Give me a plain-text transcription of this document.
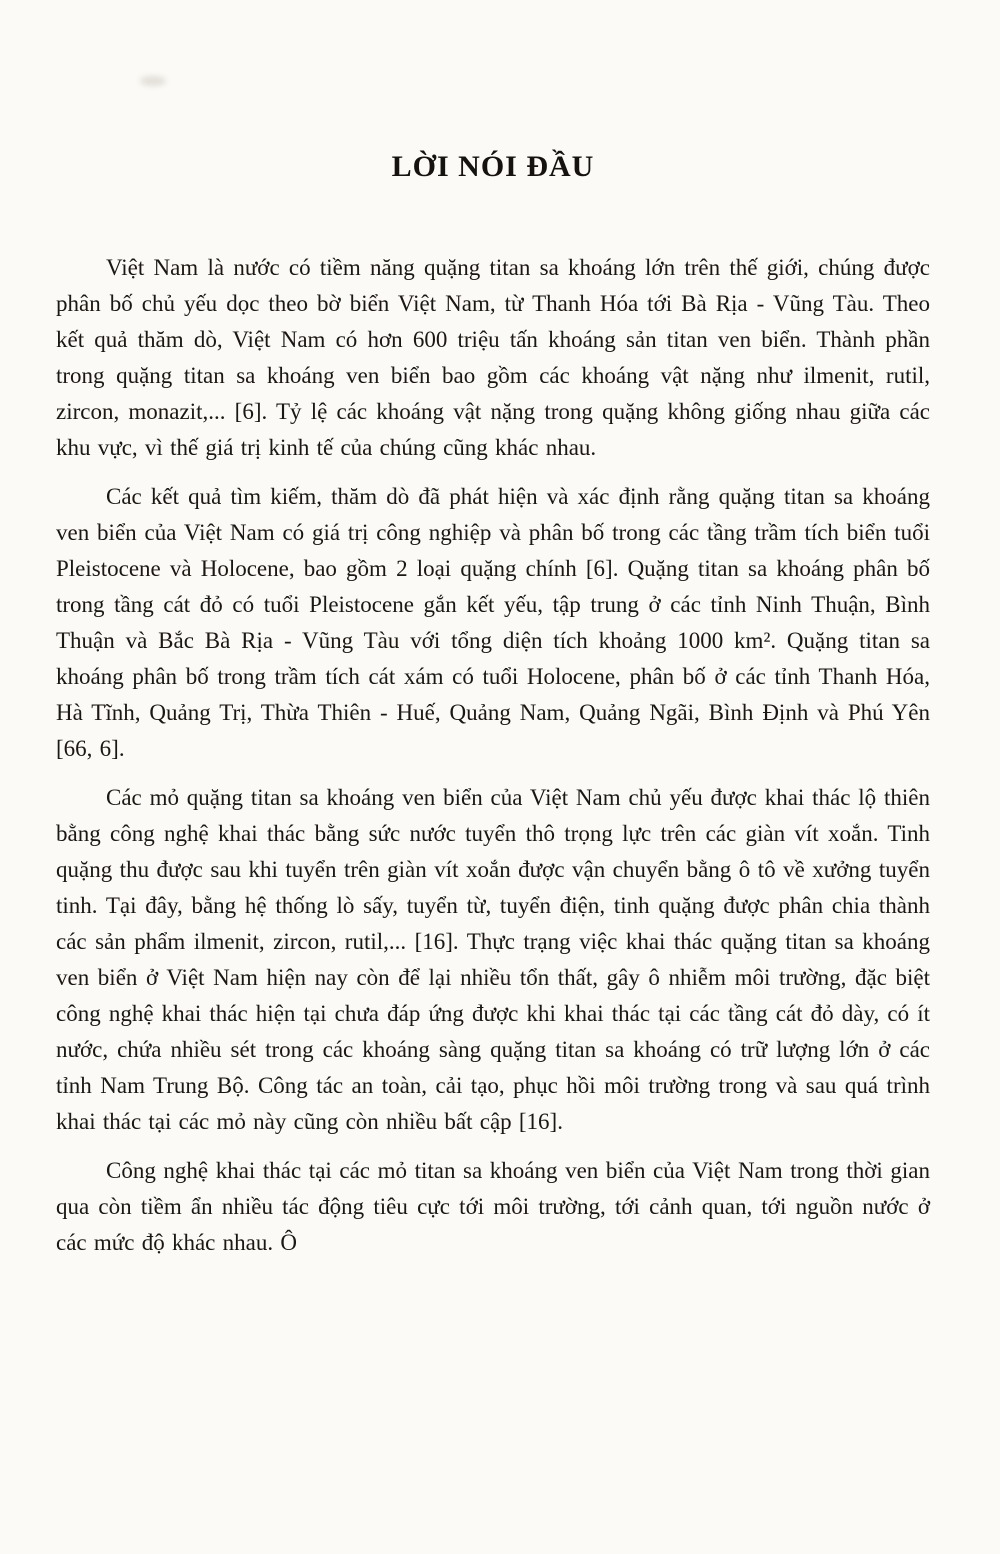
LỜI NÓI ĐẦU

Việt Nam là nước có tiềm năng quặng titan sa khoáng lớn trên thế giới, chúng được phân bố chủ yếu dọc theo bờ biển Việt Nam, từ Thanh Hóa tới Bà Rịa - Vũng Tàu. Theo kết quả thăm dò, Việt Nam có hơn 600 triệu tấn khoáng sản titan ven biển. Thành phần trong quặng titan sa khoáng ven biển bao gồm các khoáng vật nặng như ilmenit, rutil, zircon, monazit,... [6]. Tỷ lệ các khoáng vật nặng trong quặng không giống nhau giữa các khu vực, vì thế giá trị kinh tế của chúng cũng khác nhau.

Các kết quả tìm kiếm, thăm dò đã phát hiện và xác định rằng quặng titan sa khoáng ven biển của Việt Nam có giá trị công nghiệp và phân bố trong các tầng trầm tích biển tuổi Pleistocene và Holocene, bao gồm 2 loại quặng chính [6]. Quặng titan sa khoáng phân bố trong tầng cát đỏ có tuổi Pleistocene gắn kết yếu, tập trung ở các tỉnh Ninh Thuận, Bình Thuận và Bắc Bà Rịa - Vũng Tàu với tổng diện tích khoảng 1000 km². Quặng titan sa khoáng phân bố trong trầm tích cát xám có tuổi Holocene, phân bố ở các tỉnh Thanh Hóa, Hà Tĩnh, Quảng Trị, Thừa Thiên - Huế, Quảng Nam, Quảng Ngãi, Bình Định và Phú Yên [66, 6].

Các mỏ quặng titan sa khoáng ven biển của Việt Nam chủ yếu được khai thác lộ thiên bằng công nghệ khai thác bằng sức nước tuyển thô trọng lực trên các giàn vít xoắn. Tinh quặng thu được sau khi tuyển trên giàn vít xoắn được vận chuyển bằng ô tô về xưởng tuyển tinh. Tại đây, bằng hệ thống lò sấy, tuyển từ, tuyển điện, tinh quặng được phân chia thành các sản phẩm ilmenit, zircon, rutil,... [16]. Thực trạng việc khai thác quặng titan sa khoáng ven biển ở Việt Nam hiện nay còn để lại nhiều tổn thất, gây ô nhiễm môi trường, đặc biệt công nghệ khai thác hiện tại chưa đáp ứng được khi khai thác tại các tầng cát đỏ dày, có ít nước, chứa nhiều sét trong các khoáng sàng quặng titan sa khoáng có trữ lượng lớn ở các tỉnh Nam Trung Bộ. Công tác an toàn, cải tạo, phục hồi môi trường trong và sau quá trình khai thác tại các mỏ này cũng còn nhiều bất cập [16].

Công nghệ khai thác tại các mỏ titan sa khoáng ven biển của Việt Nam trong thời gian qua còn tiềm ẩn nhiều tác động tiêu cực tới môi trường, tới cảnh quan, tới nguồn nước ở các mức độ khác nhau. Ô
